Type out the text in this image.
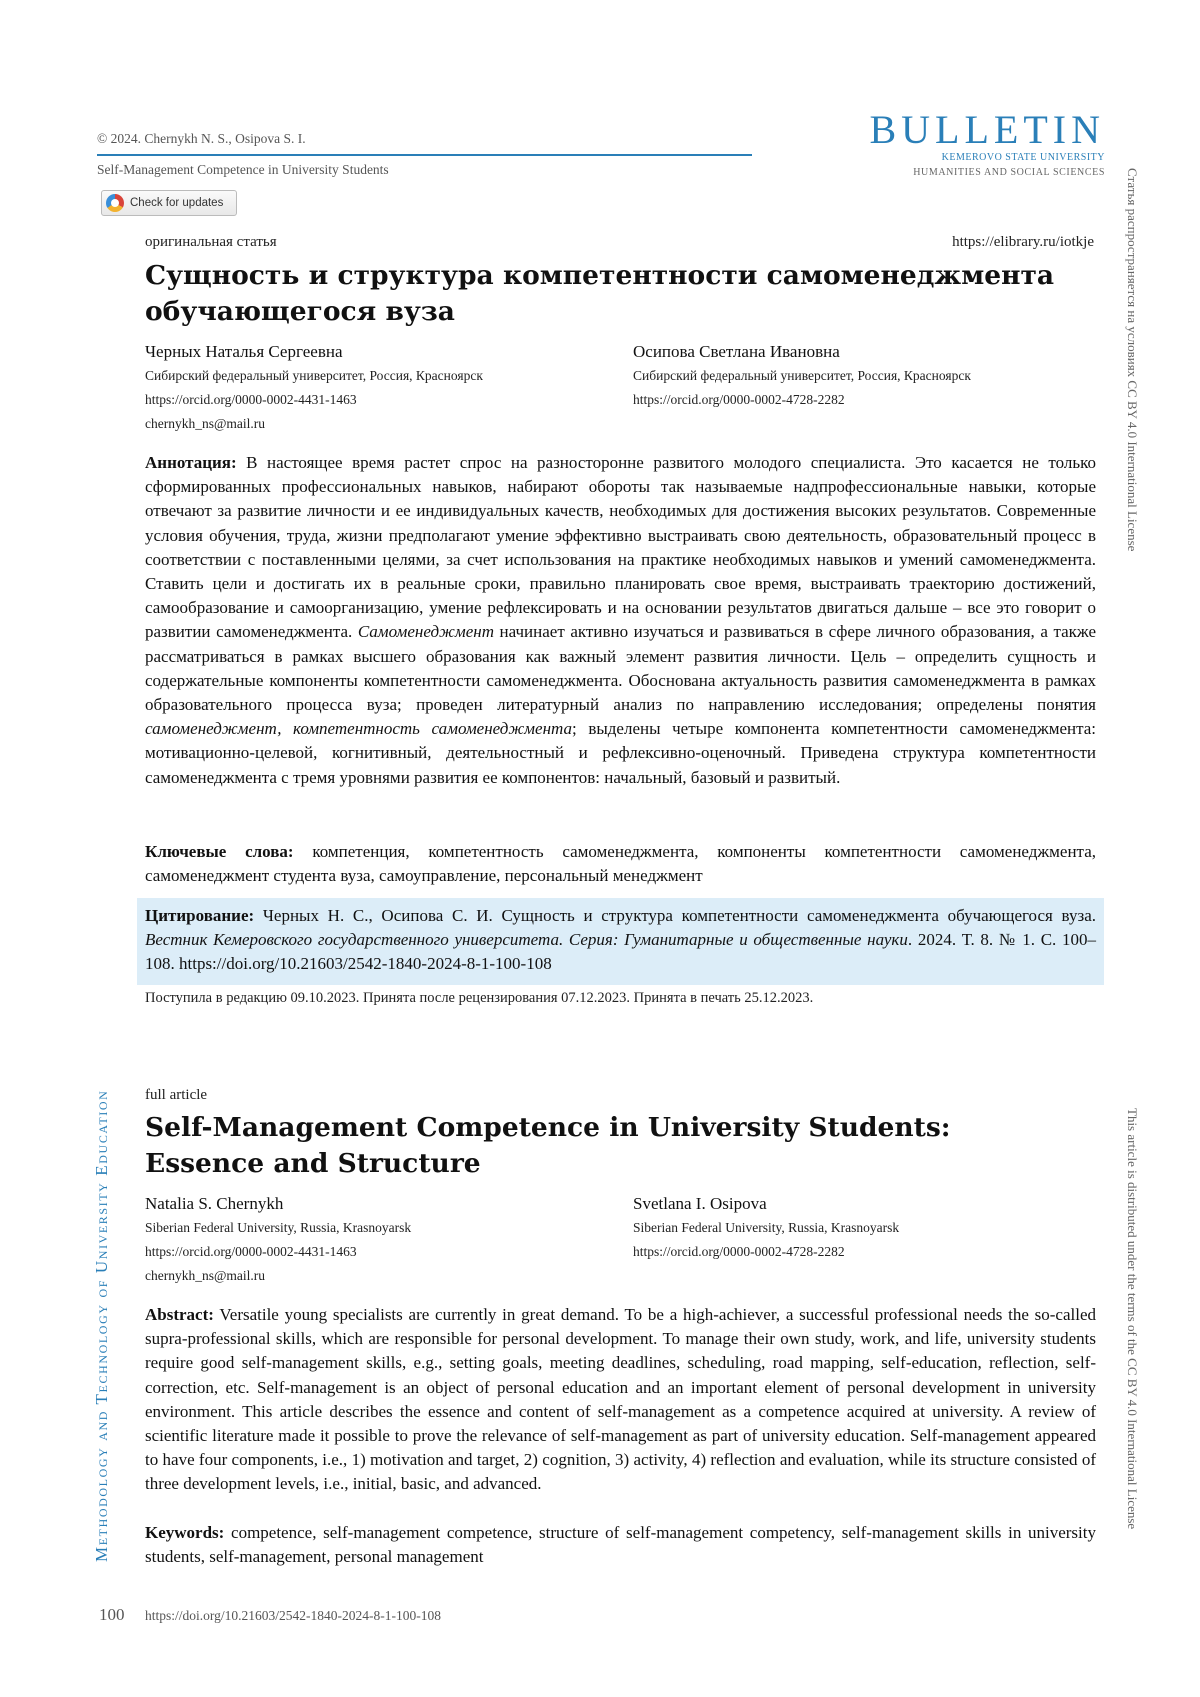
© 2024. Chernykh N. S., Osipova S. I.
Self-Management Competence in University Students
BULLETIN
KEMEROVO STATE UNIVERSITY
HUMANITIES AND SOCIAL SCIENCES
Check for updates
оригинальная статья	https://elibrary.ru/iotkje
Сущность и структура компетентности самоменеджмента
обучающегося вуза
Черных Наталья Сергеевна
Сибирский федеральный университет, Россия, Красноярск
https://orcid.org/0000-0002-4431-1463
chernykh_ns@mail.ru
Осипова Светлана Ивановна
Сибирский федеральный университет, Россия, Красноярск
https://orcid.org/0000-0002-4728-2282
Аннотация: В настоящее время растет спрос на разносторонне развитого молодого специалиста. Это касается не только сформированных профессиональных навыков, набирают обороты так называемые надпрофессиональные навыки, которые отвечают за развитие личности и ее индивидуальных качеств, необходимых для достижения высоких результатов. Современные условия обучения, труда, жизни предполагают умение эффективно выстраивать свою деятельность, образовательный процесс в соответствии с поставленными целями, за счет использования на практике необходимых навыков и умений самоменеджмента. Ставить цели и достигать их в реальные сроки, правильно планировать свое время, выстраивать траекторию достижений, самообразование и самоорганизацию, умение рефлексировать и на основании результатов двигаться дальше – все это говорит о развитии самоменеджмента. Самоменеджмент начинает активно изучаться и развиваться в сфере личного образования, а также рассматриваться в рамках высшего образования как важный элемент развития личности. Цель – определить сущность и содержательные компоненты компетентности самоменеджмента. Обоснована актуальность развития самоменеджмента в рамках образовательного процесса вуза; проведен литературный анализ по направлению исследования; определены понятия самоменеджмент, компетентность самоменеджмента; выделены четыре компонента компетентности самоменеджмента: мотивационно-целевой, когнитивный, деятельностный и рефлексивно-оценочный. Приведена структура компетентности самоменеджмента с тремя уровнями развития ее компонентов: начальный, базовый и развитый.
Ключевые слова: компетенция, компетентность самоменеджмента, компоненты компетентности самоменеджмента, самоменеджмент студента вуза, самоуправление, персональный менеджмент
Цитирование: Черных Н. С., Осипова С. И. Сущность и структура компетентности самоменеджмента обучающегося вуза. Вестник Кемеровского государственного университета. Серия: Гуманитарные и общественные науки. 2024. Т. 8. № 1. С. 100–108. https://doi.org/10.21603/2542-1840-2024-8-1-100-108
Поступила в редакцию 09.10.2023. Принята после рецензирования 07.12.2023. Принята в печать 25.12.2023.
full article
Self-Management Competence in University Students:
Essence and Structure
Natalia S. Chernykh
Siberian Federal University, Russia, Krasnoyarsk
https://orcid.org/0000-0002-4431-1463
chernykh_ns@mail.ru
Svetlana I. Osipova
Siberian Federal University, Russia, Krasnoyarsk
https://orcid.org/0000-0002-4728-2282
Abstract: Versatile young specialists are currently in great demand. To be a high-achiever, a successful professional needs the so-called supra-professional skills, which are responsible for personal development. To manage their own study, work, and life, university students require good self-management skills, e.g., setting goals, meeting deadlines, scheduling, road mapping, self-education, reflection, self-correction, etc. Self-management is an object of personal education and an important element of personal development in university environment. This article describes the essence and content of self-management as a competence acquired at university. A review of scientific literature made it possible to prove the relevance of self-management as part of university education. Self-management appeared to have four components, i.e., 1) motivation and target, 2) cognition, 3) activity, 4) reflection and evaluation, while its structure consisted of three development levels, i.e., initial, basic, and advanced.
Keywords: competence, self-management competence, structure of self-management competency, self-management skills in university students, self-management, personal management
Methodology and Technology of University Education
Статья распространяется на условиях CC BY 4.0 International License
This article is distributed under the terms of the CC BY 4.0 International License
100 https://doi.org/10.21603/2542-1840-2024-8-1-100-108
